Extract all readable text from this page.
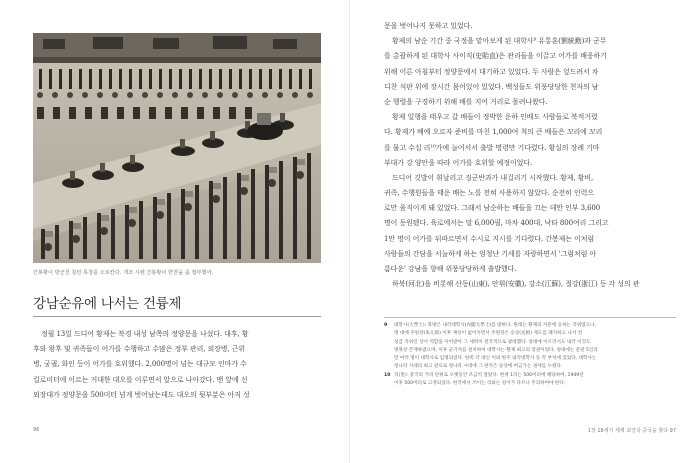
간봉황이 방군천 침린 목청를 오로칸다. 개조 시렌 간봉황이 반찬을 좀 절부했어.
강남순유에 나서는 건륭제
정월 13일 드디어 황제는 북경 내성 남쪽의 정양문을 나섰다. 대후, 황
후와 왕후 및 귀족들이 어가를 수행하고 수많은 정부 관리, 외장병, 근위
병, 궁궐, 화인 등이 어가를 호위했다. 2,000명이 넘는 대규모 인마가 수
킬로미터에 이르는 거대한 대오를 이루면서 앞으로 나아갔다. 맨 앞에 선
외장대가 정양문을 500미터 넘게 벗어났는데도 대오의 뒷부분은 아직 성
96
문을 벗어나지 못하고 있었다.
황제의 남순 기간 중 국정을 맡아보게 된 대학사⁹ 유통훈(劉統勳)과 군무
를 총괄하게 된 대학사 사이직(史貽直)은 관리들을 이끌고 어가를 배웅하기
위해 이른 아침부터 정양문에서 대기하고 있었다. 두 사람은 엎드려서 차
디찬 석판 위에 장시간 몸어있어 있었다. 백성들도 위풍당당한 천자의 남
순 행렬을 구경하기 위해 배를 지어 거리로 몰려나왔다.
황제 일행을 태우고 갈 배들이 정박한 운하 인배도 사람들로 북적거렸
다. 황제가 배에 오르자 준비를 마친 1,000여 척의 큰 배들은 꼬리에 꼬리
를 물고 수십 리¹⁰가에 늘어서서 출발 명령만 기다렸다. 황실의 장례 기마
부대가 강 양안을 따라 어가를 호위할 예정이었다.
드디어 깃발이 휘날리고 징군반과가 내걸리기 시작했다. 황제, 황비,
귀족, 수행원들을 태운 배는 노를 전혀 사용하지 않았다. 순전히 인력으
로만 움직이게 돼 있었다. 그래서 남순하는 배들을 끄는 데만 인부 3,600
명이 동원됐다. 육로에서는 말 6,000필, 마차 400대, 낙타 800여리 그리고
1만 명이 어가를 뒤따르면서 수시로 지시를 기다렸다. 간봉제는 이처럼
사람들의 간담을 서늘하게 하는 엄청난 기세를 자랑하면서 '그럼처럼 아
름다운' 강남을 향해 위풍당당하게 출발했다.
하북(河北)을 비롯해 산동(山東), 안휘(安徽), 강소(江蘇), 절강(浙江) 등 각 성의 관
9 대학사(大學士): 북방은 내각대학사(內閣大學士)를 말한다. 원래는 황제의 자문에 응하는 직위였으나,
명 대에 주원장(朱元璋) 이후 재상이 없어지면서 주원장은 승상(丞相) 제도를 폐지하고 나서 전
성급 직위인 상서 역할을 이어받아 그 세력이 전국적으로 광대했다. 청대에 이르러서도 내각 이것도
명목상 존재하였으며, 이후 군기처를 설치하여 대학사는 황제 최고의 장관이었다. 청대에는 문관 5인과
만 여러 명이 대학사로 임명되었다. 한족 각 대신 이외 한주 내각대학사 등 각 부처에 있었다. 대학사는
청나라 시대의 최고 관료로 청나라 시대에 그 관직은 승상에 버금가는 권세를 누렸다.
10 리(里): 중국의 거리 단위로 오랫동안 조금씩 달랐다. 현재 1리는 500미터에 해당하며, 1949년
이후 500미터로 고정되었다. 한국에서 쓰이는 리와는 길이가 다르니 주의하여야 한다.
1장 18세기 세계 최강국 중국을 찾다 97
